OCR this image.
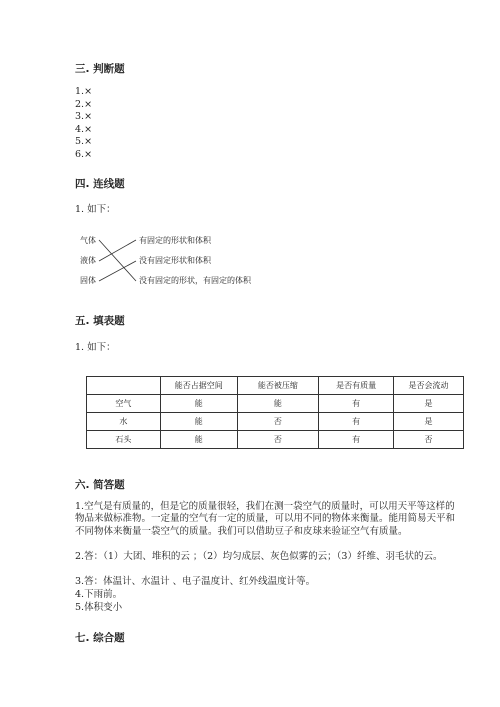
三. 判断题
1.×
2.×
3.×
4.×
5.×
6.×
四. 连线题
1. 如下：
气体
液体
固体
有固定的形状和体积
没有固定形状和体积
没有固定的形状，有固定的体积
五. 填表题
1. 如下：
	能否占据空间	能否被压缩	是否有质量	是否会流动
空气	能	能	有	是
水	能	否	有	是
石头	能	否	有	否
六. 简答题
1.空气是有质量的，但是它的质量很轻，我们在测一袋空气的质量时，可以用天平等这样的物品来做标准物。一定量的空气有一定的质量，可以用不同的物体来衡量。能用简易天平和不同物体来衡量一袋空气的质量。我们可以借助豆子和皮球来验证空气有质量。
2.答：（1）大团、堆积的云 ；（2）均匀成层、灰色似雾的云；（3）纤维、羽毛状的云。
3.答：体温计、水温计 、电子温度计、红外线温度计等。
4.下雨前。
5.体积变小
七. 综合题
